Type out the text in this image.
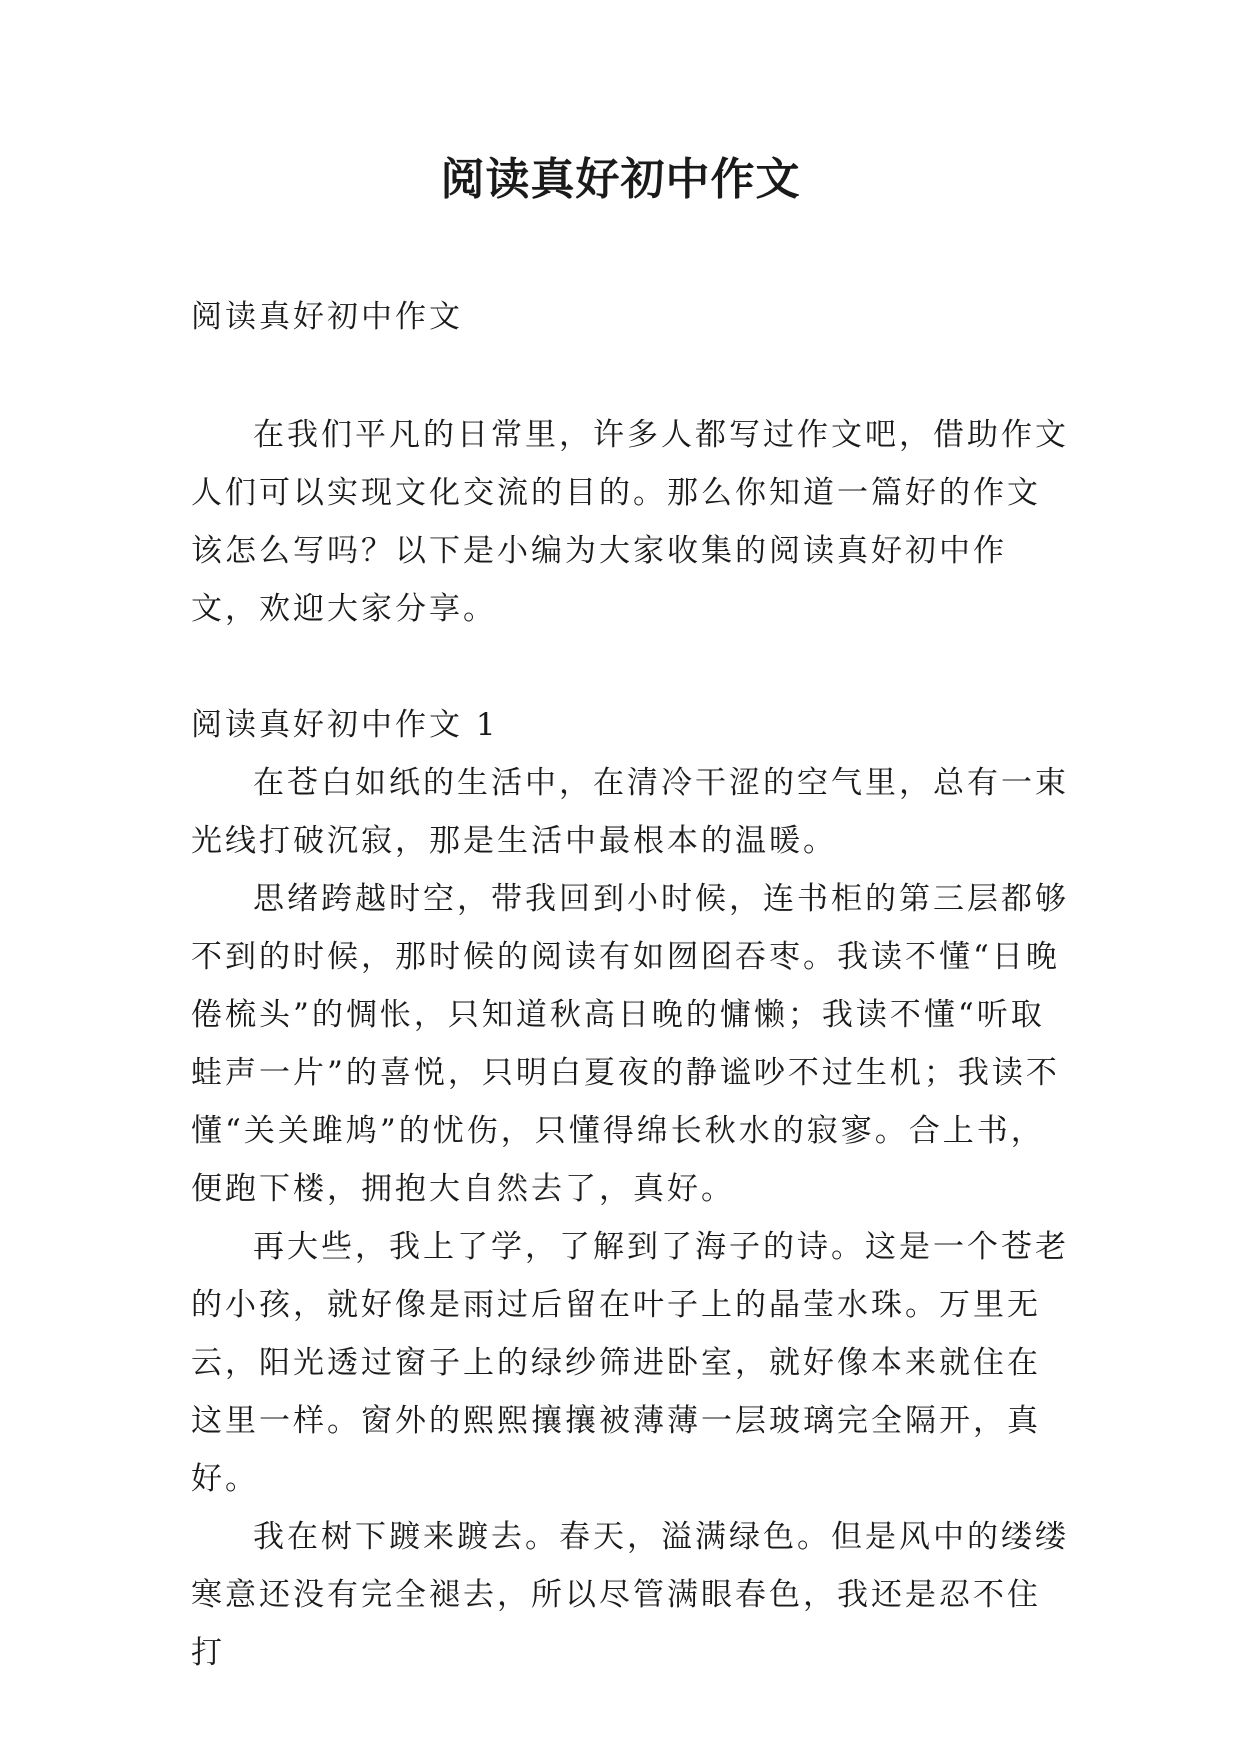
阅读真好初中作文

阅读真好初中作文

在我们平凡的日常里，许多人都写过作文吧，借助作文人们可以实现文化交流的目的。那么你知道一篇好的作文该怎么写吗？以下是小编为大家收集的阅读真好初中作文，欢迎大家分享。

阅读真好初中作文 1

在苍白如纸的生活中，在清冷干涩的空气里，总有一束光线打破沉寂，那是生活中最根本的温暖。

思绪跨越时空，带我回到小时候，连书柜的第三层都够不到的时候，那时候的阅读有如囫囵吞枣。我读不懂“日晚倦梳头”的惆怅，只知道秋高日晚的慵懒；我读不懂“听取蛙声一片”的喜悦，只明白夏夜的静谧吵不过生机；我读不懂“关关雎鸠”的忧伤，只懂得绵长秋水的寂寥。合上书，便跑下楼，拥抱大自然去了，真好。

再大些，我上了学，了解到了海子的诗。这是一个苍老的小孩，就好像是雨过后留在叶子上的晶莹水珠。万里无云，阳光透过窗子上的绿纱筛进卧室，就好像本来就住在这里一样。窗外的熙熙攘攘被薄薄一层玻璃完全隔开，真好。

我在树下踱来踱去。春天，溢满绿色。但是风中的缕缕寒意还没有完全褪去，所以尽管满眼春色，我还是忍不住打
